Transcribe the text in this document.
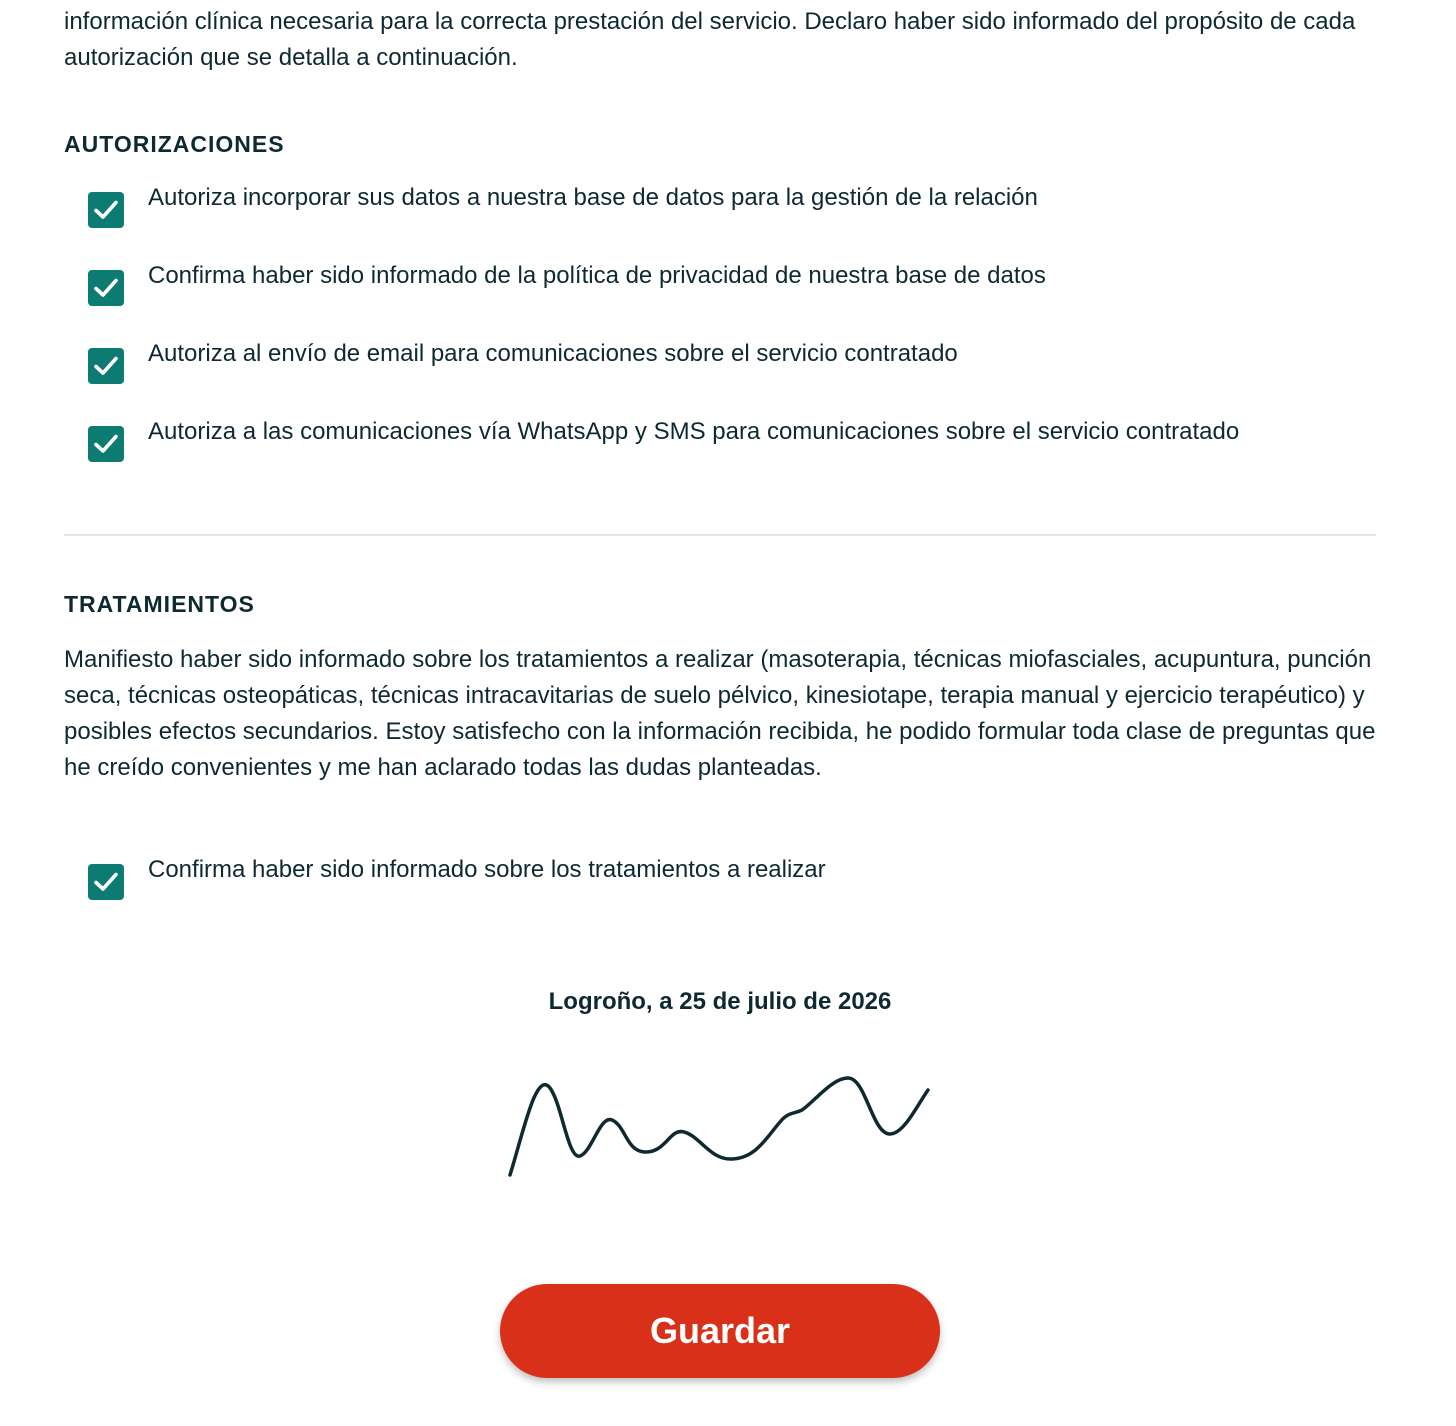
información clínica necesaria para la correcta prestación del servicio. Declaro haber sido informado del propósito de cada autorización que se detalla a continuación.

AUTORIZACIONES
Autoriza incorporar sus datos a nuestra base de datos para la gestión de la relación
Confirma haber sido informado de la política de privacidad de nuestra base de datos
Autoriza al envío de email para comunicaciones sobre el servicio contratado
Autoriza a las comunicaciones vía WhatsApp y SMS para comunicaciones sobre el servicio contratado
TRATAMIENTOS

Manifiesto haber sido informado sobre los tratamientos a realizar (masoterapia, técnicas miofasciales, acupuntura, punción seca, técnicas osteopáticas, técnicas intracavitarias de suelo pélvico, kinesiotape, terapia manual y ejercicio terapéutico) y posibles efectos secundarios. Estoy satisfecho con la información recibida, he podido formular toda clase de preguntas que he creído convenientes y me han aclarado todas las dudas planteadas.

Confirma haber sido informado sobre los tratamientos a realizar

Logroño, a 25 de julio de 2026

Guardar
